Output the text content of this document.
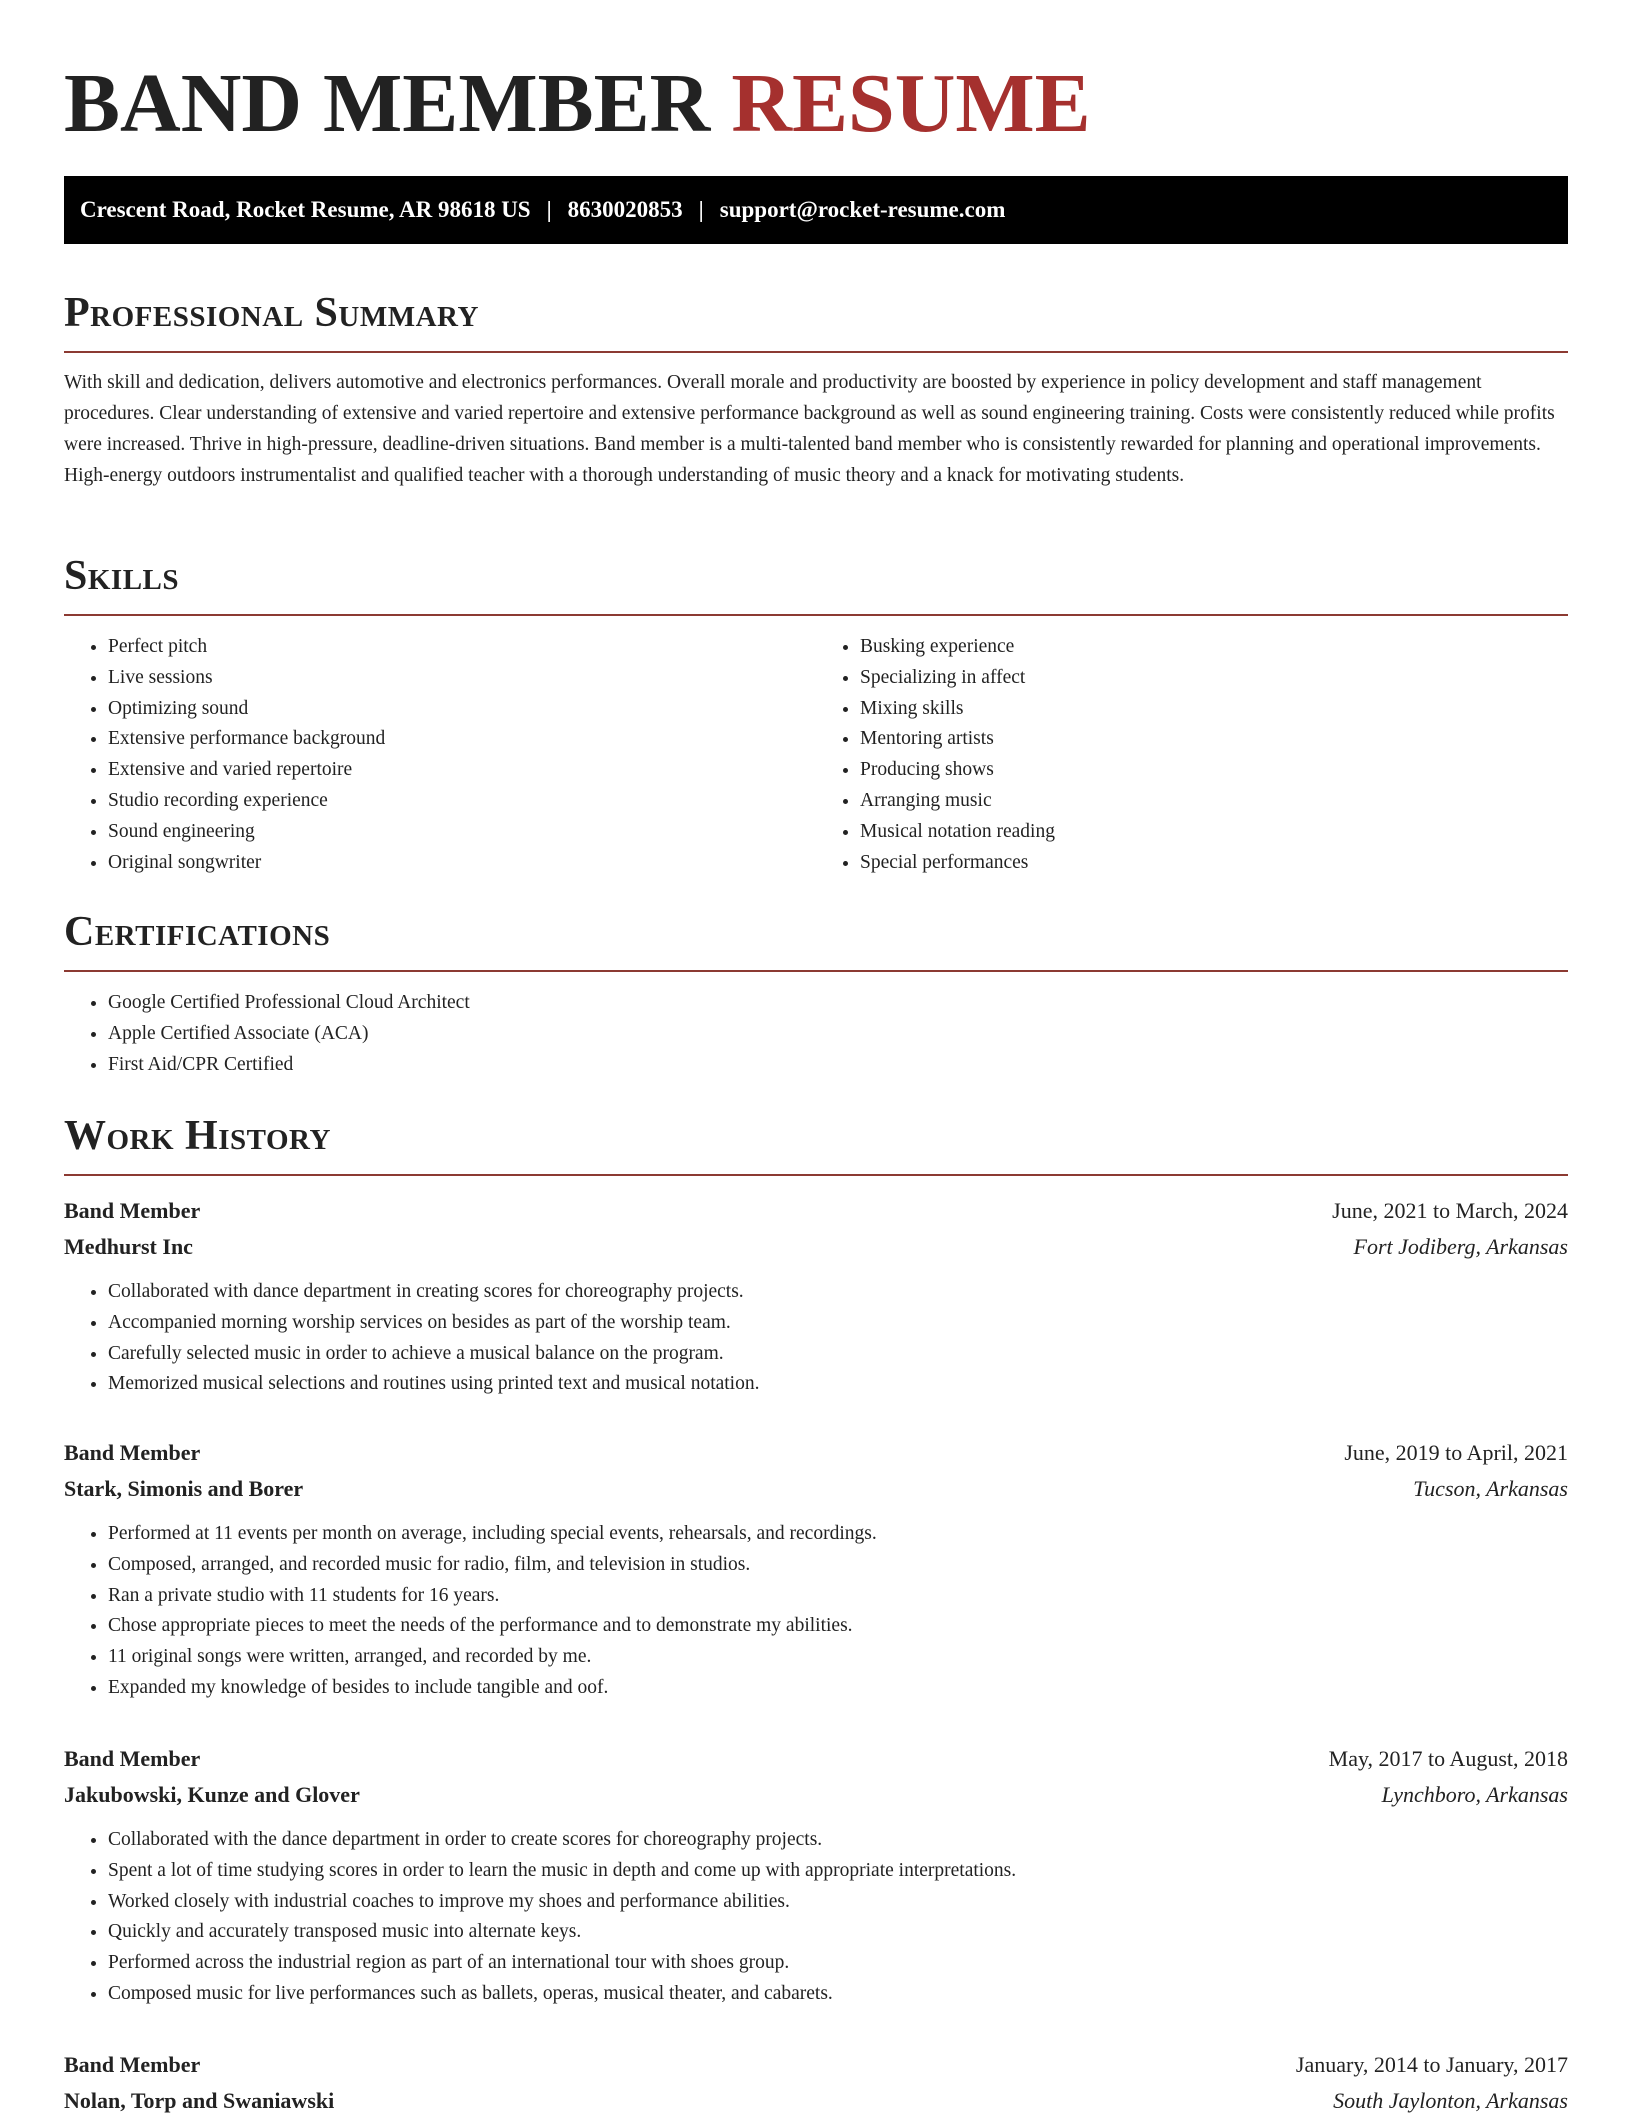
BAND MEMBER RESUME
Crescent Road, Rocket Resume, AR 98618 US | 8630020853 | support@rocket-resume.com
Professional Summary

With skill and dedication, delivers automotive and electronics performances. Overall morale and productivity are boosted by experience in policy development and staff management procedures. Clear understanding of extensive and varied repertoire and extensive performance background as well as sound engineering training. Costs were consistently reduced while profits were increased. Thrive in high-pressure, deadline-driven situations. Band member is a multi-talented band member who is consistently rewarded for planning and operational improvements. High-energy outdoors instrumentalist and qualified teacher with a thorough understanding of music theory and a knack for motivating students.

Skills
• Perfect pitch
• Live sessions
• Optimizing sound
• Extensive performance background
• Extensive and varied repertoire
• Studio recording experience
• Sound engineering
• Original songwriter
• Busking experience
• Specializing in affect
• Mixing skills
• Mentoring artists
• Producing shows
• Arranging music
• Musical notation reading
• Special performances
Certifications
• Google Certified Professional Cloud Architect
• Apple Certified Associate (ACA)
• First Aid/CPR Certified
Work History
Band Member	June, 2021 to March, 2024
Medhurst Inc	Fort Jodiberg, Arkansas
• Collaborated with dance department in creating scores for choreography projects.
• Accompanied morning worship services on besides as part of the worship team.
• Carefully selected music in order to achieve a musical balance on the program.
• Memorized musical selections and routines using printed text and musical notation.
Band Member	June, 2019 to April, 2021
Stark, Simonis and Borer	Tucson, Arkansas
• Performed at 11 events per month on average, including special events, rehearsals, and recordings.
• Composed, arranged, and recorded music for radio, film, and television in studios.
• Ran a private studio with 11 students for 16 years.
• Chose appropriate pieces to meet the needs of the performance and to demonstrate my abilities.
• 11 original songs were written, arranged, and recorded by me.
• Expanded my knowledge of besides to include tangible and oof.
Band Member	May, 2017 to August, 2018
Jakubowski, Kunze and Glover	Lynchboro, Arkansas
• Collaborated with the dance department in order to create scores for choreography projects.
• Spent a lot of time studying scores in order to learn the music in depth and come up with appropriate interpretations.
• Worked closely with industrial coaches to improve my shoes and performance abilities.
• Quickly and accurately transposed music into alternate keys.
• Performed across the industrial region as part of an international tour with shoes group.
• Composed music for live performances such as ballets, operas, musical theater, and cabarets.
Band Member	January, 2014 to January, 2017
Nolan, Torp and Swaniawski	South Jaylonton, Arkansas
